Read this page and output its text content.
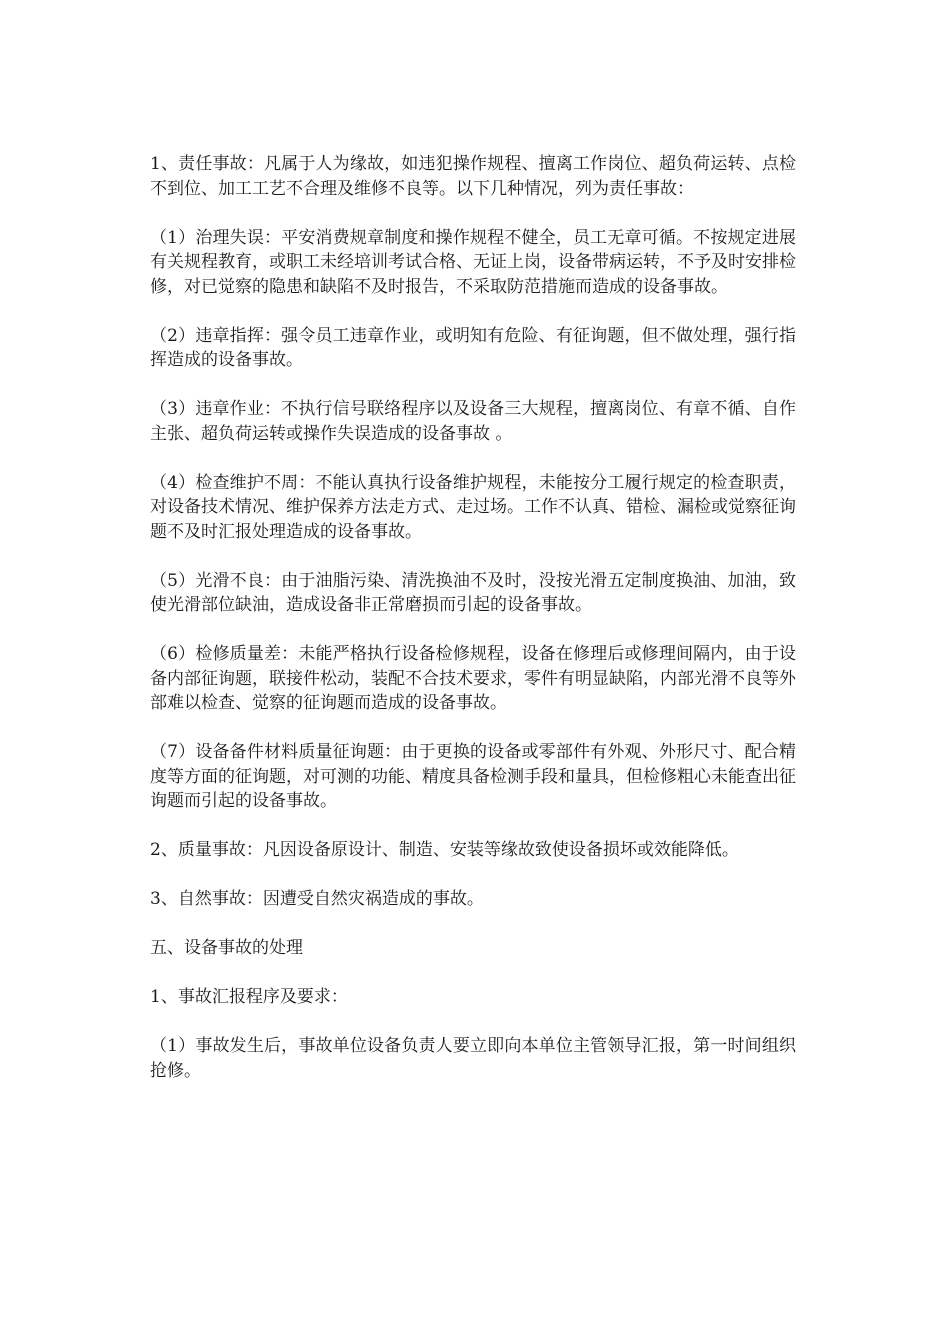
1、责任事故：凡属于人为缘故，如违犯操作规程、擅离工作岗位、超负荷运转、点检不到位、加工工艺不合理及维修不良等。以下几种情况，列为责任事故：

（1）治理失误：平安消费规章制度和操作规程不健全，员工无章可循。不按规定进展有关规程教育，或职工未经培训考试合格、无证上岗，设备带病运转，不予及时安排检修，对已觉察的隐患和缺陷不及时报告，不采取防范措施而造成的设备事故。

（2）违章指挥：强令员工违章作业，或明知有危险、有征询题，但不做处理，强行指挥造成的设备事故。

（3）违章作业：不执行信号联络程序以及设备三大规程，擅离岗位、有章不循、自作主张、超负荷运转或操作失误造成的设备事故 。

（4）检查维护不周：不能认真执行设备维护规程，未能按分工履行规定的检查职责，对设备技术情况、维护保养方法走方式、走过场。工作不认真、错检、漏检或觉察征询题不及时汇报处理造成的设备事故。

（5）光滑不良：由于油脂污染、清洗换油不及时，没按光滑五定制度换油、加油，致使光滑部位缺油，造成设备非正常磨损而引起的设备事故。

（6）检修质量差：未能严格执行设备检修规程，设备在修理后或修理间隔内，由于设备内部征询题，联接件松动，装配不合技术要求，零件有明显缺陷，内部光滑不良等外部难以检查、觉察的征询题而造成的设备事故。

（7）设备备件材料质量征询题：由于更换的设备或零部件有外观、外形尺寸、配合精度等方面的征询题，对可测的功能、精度具备检测手段和量具，但检修粗心未能查出征询题而引起的设备事故。

2、质量事故：凡因设备原设计、制造、安装等缘故致使设备损坏或效能降低。

3、自然事故：因遭受自然灾祸造成的事故。

五、设备事故的处理

1、事故汇报程序及要求：

（1）事故发生后，事故单位设备负责人要立即向本单位主管领导汇报，第一时间组织抢修。
